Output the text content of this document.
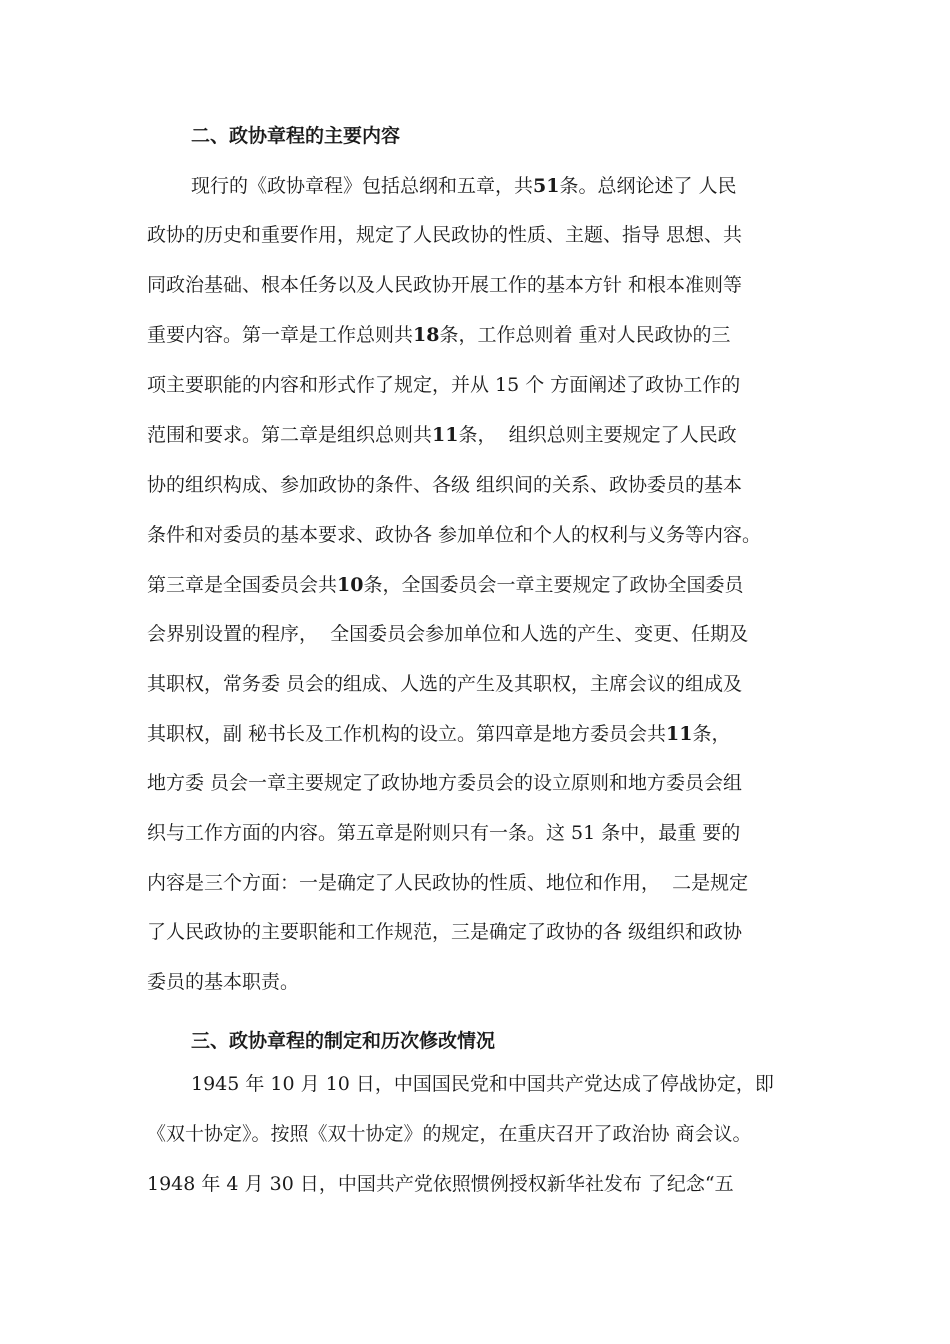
二、政协章程的主要内容
现行的《政协章程》包括总纲和五章，共51条。总纲论述了 人民
政协的历史和重要作用，规定了人民政协的性质、主题、指导 思想、共
同政治基础、根本任务以及人民政协开展工作的基本方针 和根本准则等
重要内容。第一章是工作总则共18条，工作总则着 重对人民政协的三
项主要职能的内容和形式作了规定，并从 15 个 方面阐述了政协工作的
范围和要求。第二章是组织总则共11条，  组织总则主要规定了人民政
协的组织构成、参加政协的条件、各级 组织间的关系、政协委员的基本
条件和对委员的基本要求、政协各 参加单位和个人的权利与义务等内容。
第三章是全国委员会共10条，全国委员会一章主要规定了政协全国委员
会界别设置的程序，  全国委员会参加单位和人选的产生、变更、任期及
其职权，常务委 员会的组成、人选的产生及其职权，主席会议的组成及
其职权，副 秘书长及工作机构的设立。第四章是地方委员会共11条，
地方委 员会一章主要规定了政协地方委员会的设立原则和地方委员会组
织与工作方面的内容。第五章是附则只有一条。这 51 条中，最重 要的
内容是三个方面：一是确定了人民政协的性质、地位和作用，  二是规定
了人民政协的主要职能和工作规范，三是确定了政协的各 级组织和政协
委员的基本职责。
三、政协章程的制定和历次修改情况
1945 年 10 月 10 日，中国国民党和中国共产党达成了停战协定，即
《双十协定》。按照《双十协定》的规定，在重庆召开了政治协 商会议。
1948 年 4 月 30 日，中国共产党依照惯例授权新华社发布 了纪念“五
